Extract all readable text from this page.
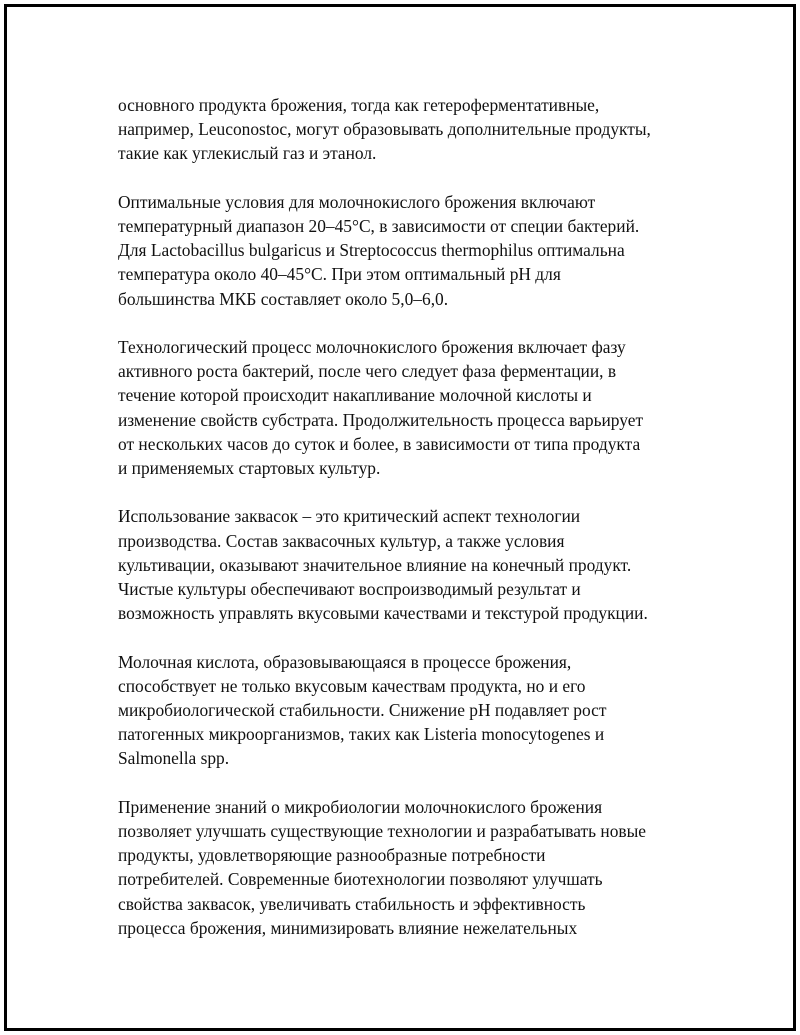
основного продукта брожения, тогда как гетероферментативные,
например, Leuconostoc, могут образовывать дополнительные продукты,
такие как углекислый газ и этанол.

Оптимальные условия для молочнокислого брожения включают
температурный диапазон 20–45°C, в зависимости от специи бактерий.
Для Lactobacillus bulgaricus и Streptococcus thermophilus оптимальна
температура около 40–45°C. При этом оптимальный pH для
большинства МКБ составляет около 5,0–6,0.

Технологический процесс молочнокислого брожения включает фазу
активного роста бактерий, после чего следует фаза ферментации, в
течение которой происходит накапливание молочной кислоты и
изменение свойств субстрата. Продолжительность процесса варьирует
от нескольких часов до суток и более, в зависимости от типа продукта
и применяемых стартовых культур.

Использование заквасок – это критический аспект технологии
производства. Состав заквасочных культур, а также условия
культивации, оказывают значительное влияние на конечный продукт.
Чистые культуры обеспечивают воспроизводимый результат и
возможность управлять вкусовыми качествами и текстурой продукции.

Молочная кислота, образовывающаяся в процессе брожения,
способствует не только вкусовым качествам продукта, но и его
микробиологической стабильности. Снижение pH подавляет рост
патогенных микроорганизмов, таких как Listeria monocytogenes и
Salmonella spp.

Применение знаний о микробиологии молочнокислого брожения
позволяет улучшать существующие технологии и разрабатывать новые
продукты, удовлетворяющие разнообразные потребности
потребителей. Современные биотехнологии позволяют улучшать
свойства заквасок, увеличивать стабильность и эффективность
процесса брожения, минимизировать влияние нежелательных
